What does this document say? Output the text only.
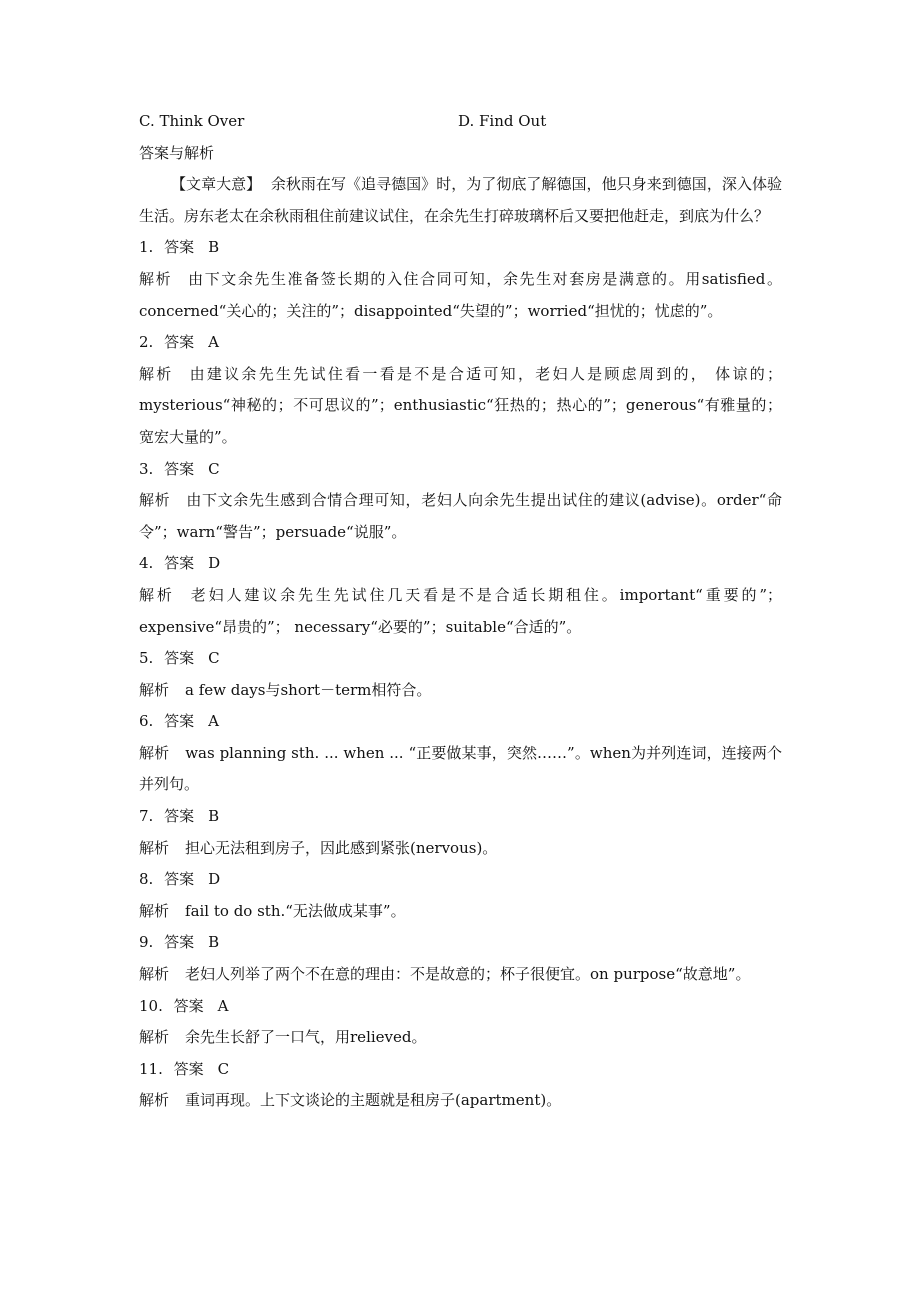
C. Think Over	D. Find Out

答案与解析

【文章大意】 余秋雨在写《追寻德国》时，为了彻底了解德国，他只身来到德国，深入体验生活。房东老太在余秋雨租住前建议试住，在余先生打碎玻璃杯后又要把他赶走，到底为什么？

1. 答案 B

解析 由下文余先生准备签长期的入住合同可知，余先生对套房是满意的。用satisfied。concerned“关心的；关注的”；disappointed“失望的”；worried“担忧的；忧虑的”。

2. 答案 A

解析 由建议余先生先试住看一看是不是合适可知，老妇人是顾虑周到的， 体谅的；mysterious“神秘的；不可思议的”；enthusiastic“狂热的；热心的”；generous“有雅量的；宽宏大量的”。

3. 答案 C

解析 由下文余先生感到合情合理可知，老妇人向余先生提出试住的建议(advise)。order“命令”；warn“警告”；persuade“说服”。

4. 答案 D

解析 老妇人建议余先生先试住几天看是不是合适长期租住。important“重要的”；expensive“昂贵的”； necessary“必要的”；suitable“合适的”。

5. 答案 C

解析 a few days与short－term相符合。

6. 答案 A

解析 was planning sth. ... when ... “正要做某事，突然……”。when为并列连词，连接两个并列句。

7. 答案 B

解析 担心无法租到房子，因此感到紧张(nervous)。

8. 答案 D

解析 fail to do sth.“无法做成某事”。

9. 答案 B

解析 老妇人列举了两个不在意的理由：不是故意的；杯子很便宜。on purpose“故意地”。

10. 答案 A

解析 余先生长舒了一口气，用relieved。

11. 答案 C

解析 重词再现。上下文谈论的主题就是租房子(apartment)。
